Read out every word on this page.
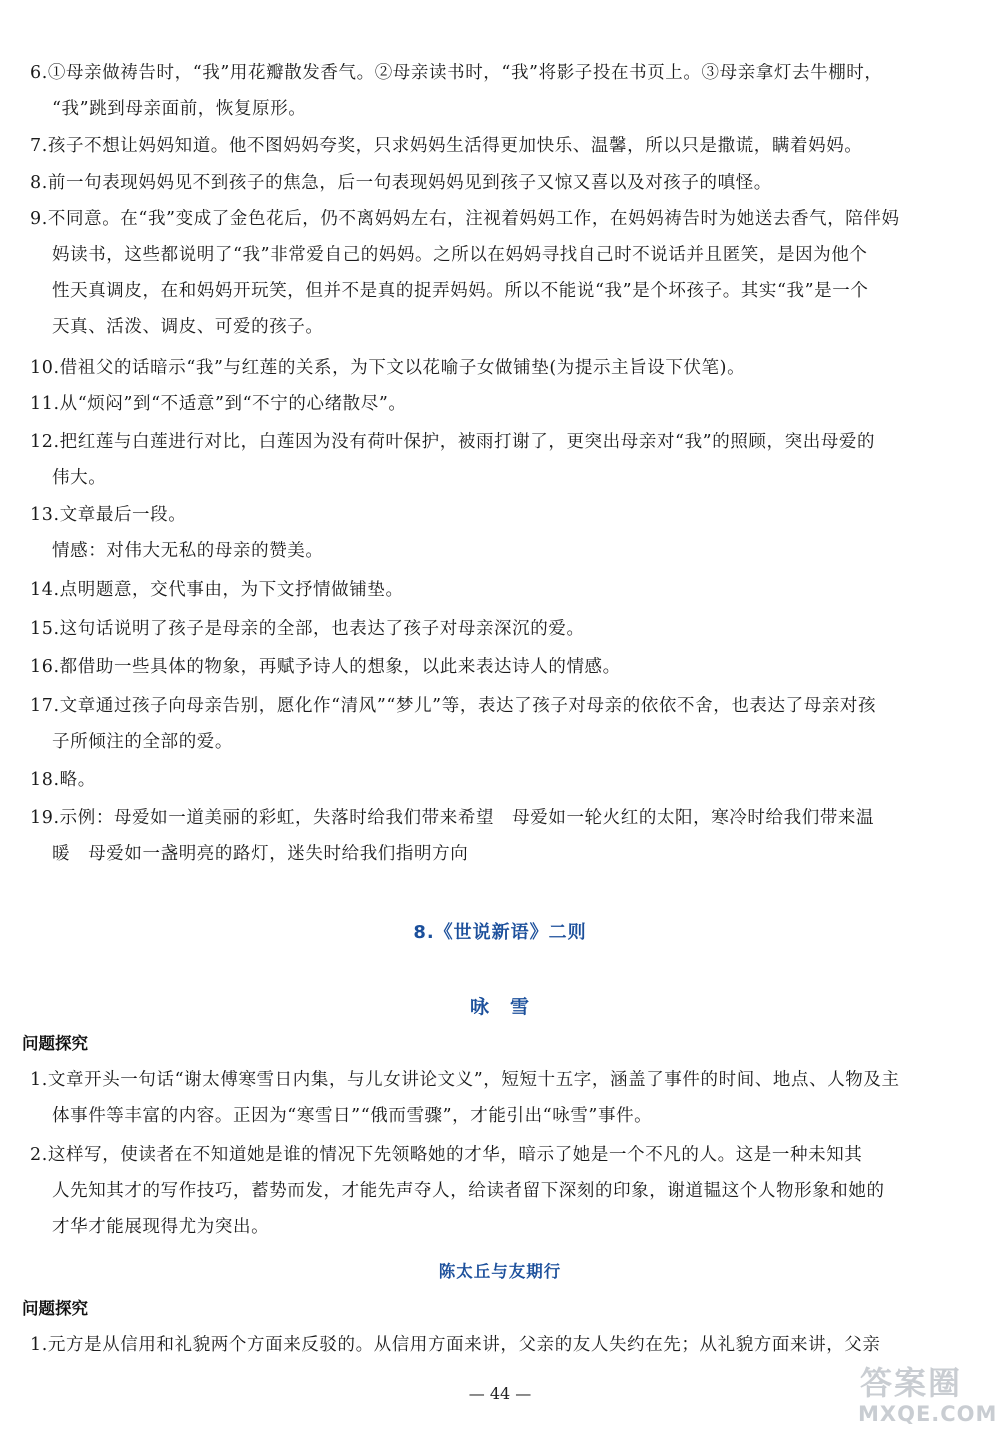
6.①母亲做祷告时，“我”用花瓣散发香气。②母亲读书时，“我”将影子投在书页上。③母亲拿灯去牛棚时，
“我”跳到母亲面前，恢复原形。
7.孩子不想让妈妈知道。他不图妈妈夸奖，只求妈妈生活得更加快乐、温馨，所以只是撒谎，瞒着妈妈。
8.前一句表现妈妈见不到孩子的焦急，后一句表现妈妈见到孩子又惊又喜以及对孩子的嗔怪。
9.不同意。在“我”变成了金色花后，仍不离妈妈左右，注视着妈妈工作，在妈妈祷告时为她送去香气，陪伴妈
妈读书，这些都说明了“我”非常爱自己的妈妈。之所以在妈妈寻找自己时不说话并且匿笑，是因为他个
性天真调皮，在和妈妈开玩笑，但并不是真的捉弄妈妈。所以不能说“我”是个坏孩子。其实“我”是一个
天真、活泼、调皮、可爱的孩子。
10.借祖父的话暗示“我”与红莲的关系，为下文以花喻子女做铺垫(为提示主旨设下伏笔)。
11.从“烦闷”到“不适意”到“不宁的心绪散尽”。
12.把红莲与白莲进行对比，白莲因为没有荷叶保护，被雨打谢了，更突出母亲对“我”的照顾，突出母爱的
伟大。
13.文章最后一段。
情感：对伟大无私的母亲的赞美。
14.点明题意，交代事由，为下文抒情做铺垫。
15.这句话说明了孩子是母亲的全部，也表达了孩子对母亲深沉的爱。
16.都借助一些具体的物象，再赋予诗人的想象，以此来表达诗人的情感。
17.文章通过孩子向母亲告别，愿化作“清风”“梦儿”等，表达了孩子对母亲的依依不舍，也表达了母亲对孩
子所倾注的全部的爱。
18.略。
19.示例：母爱如一道美丽的彩虹，失落时给我们带来希望　母爱如一轮火红的太阳，寒冷时给我们带来温
暖　母爱如一盏明亮的路灯，迷失时给我们指明方向
8.《世说新语》二则
咏　雪
问题探究
1.文章开头一句话“谢太傅寒雪日内集，与儿女讲论文义”，短短十五字，涵盖了事件的时间、地点、人物及主
体事件等丰富的内容。正因为“寒雪日”“俄而雪骤”，才能引出“咏雪”事件。
2.这样写，使读者在不知道她是谁的情况下先领略她的才华，暗示了她是一个不凡的人。这是一种未知其
人先知其才的写作技巧，蓄势而发，才能先声夺人，给读者留下深刻的印象，谢道韫这个人物形象和她的
才华才能展现得尤为突出。
陈太丘与友期行
问题探究
1.元方是从信用和礼貌两个方面来反驳的。从信用方面来讲，父亲的友人失约在先；从礼貌方面来讲，父亲
— 44 —	答案圈
MXQE.COM
